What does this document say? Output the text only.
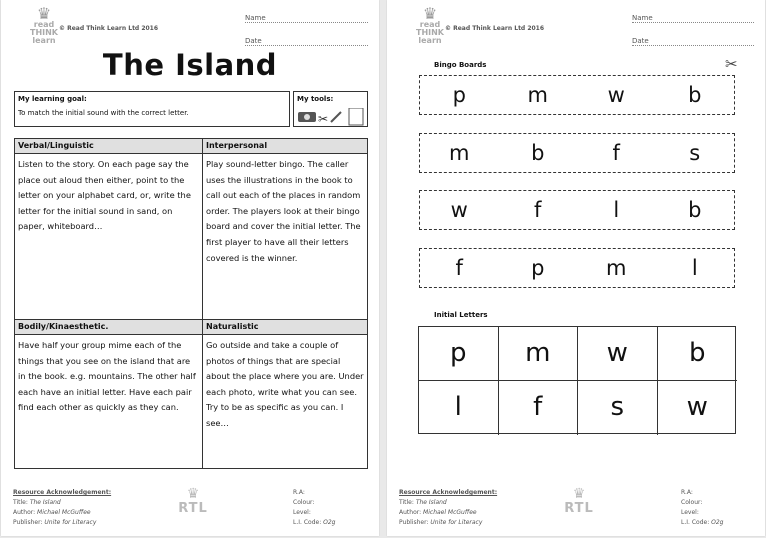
♛
read
THINK
learn
© Read Think Learn Ltd 2016
Name
Date
The Island
My learning goal:
To match the initial sound with the correct letter.
My tools:
✂
Verbal/Linguistic
Listen to the story. On each page say the place out aloud then either, point to the letter on your alphabet card, or, write the letter for the initial sound in sand, on paper, whiteboard…
Interpersonal
Play sound-letter bingo. The caller uses the illustrations in the book to call out each of the places in random order. The players look at their bingo board and cover the initial letter. The first player to have all their letters covered is the winner.
Bodily/Kinaesthetic.
Have half your group mime each of the things that you see on the island that are in the book. e.g. mountains. The other half each have an initial letter. Have each pair find each other as quickly as they can.
Naturalistic
Go outside and take a couple of photos of things that are special about the place where you are. Under each photo, write what you can see. Try to be as specific as you can. I see…
Resource Acknowledgement:
Title: The Island
Author: Michael McGuffee
Publisher: Unite for Literacy
♛
RTL
R.A:
Colour:
Level:
L.I. Code: O2g
♛
read
THINK
learn
© Read Think Learn Ltd 2016
Name
Date
Bingo Boards	✂
p	m	w	b
m	b	f	s
w	f	l	b
f	p	m	l
Initial Letters
p	m	w	b
l	f	s	w
Resource Acknowledgement:
Title: The Island
Author: Michael McGuffee
Publisher: Unite for Literacy
♛
RTL
R.A:
Colour:
Level:
L.I. Code: O2g
